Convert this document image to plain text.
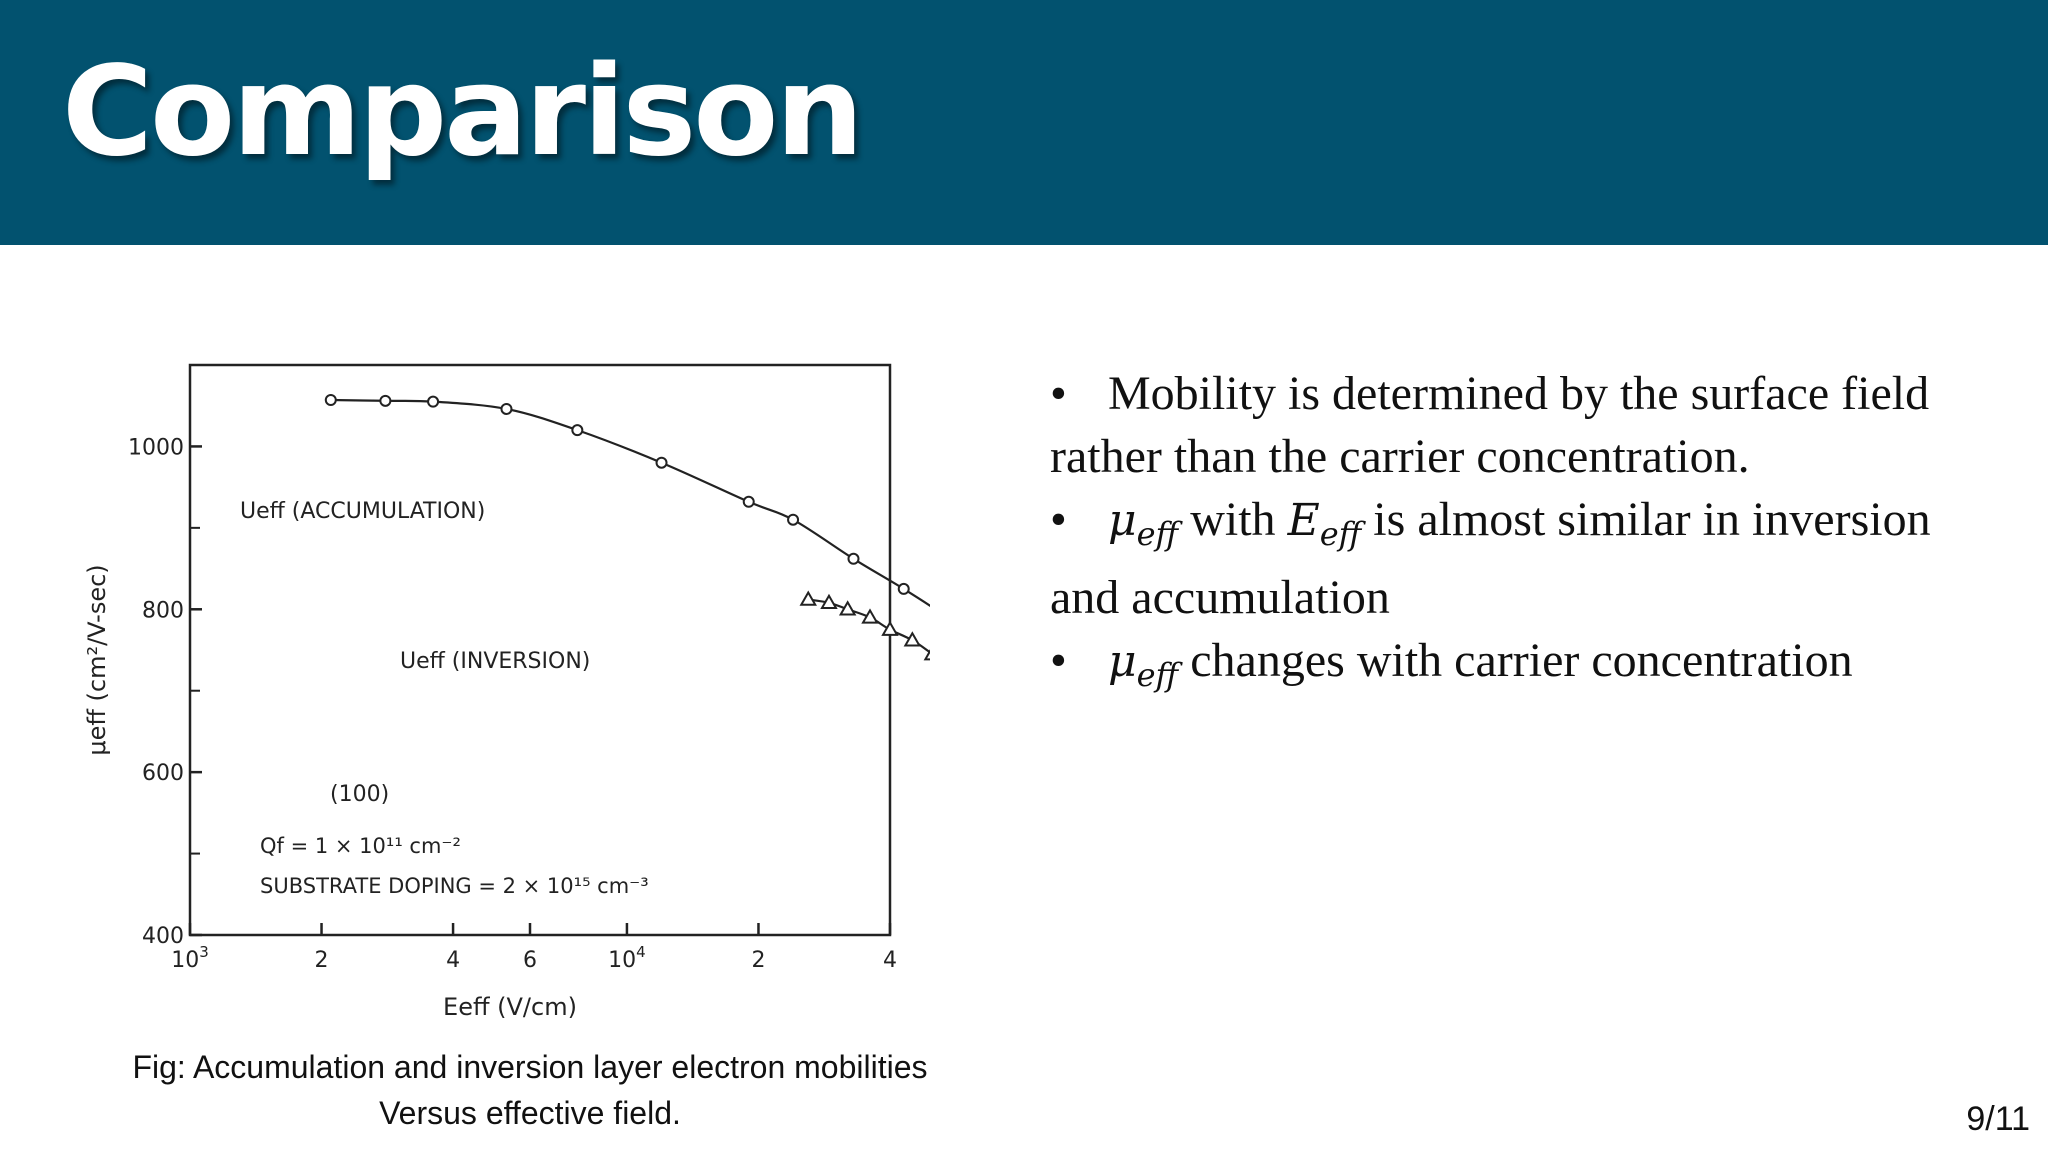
Comparison
400
600
800
1000
$10^3$	2	4	6	$10^4$	2	4
Ueff (ACCUMULATION)
Ueff (INVERSION)
(100)
Qf = 1 × 10¹¹ cm⁻²
SUBSTRATE DOPING = 2 × 10¹⁵ cm⁻³
Eeff (V/cm)
μeff (cm²/V-sec)
Fig: Accumulation and inversion layer electron mobilities
Versus effective field.
• Mobility is determined by the surface field
rather than the carrier concentration.
• $\mu_{eff}$ with $E_{eff}$ is almost similar in inversion
and accumulation
• $\mu_{eff}$ changes with carrier concentration
9/11
